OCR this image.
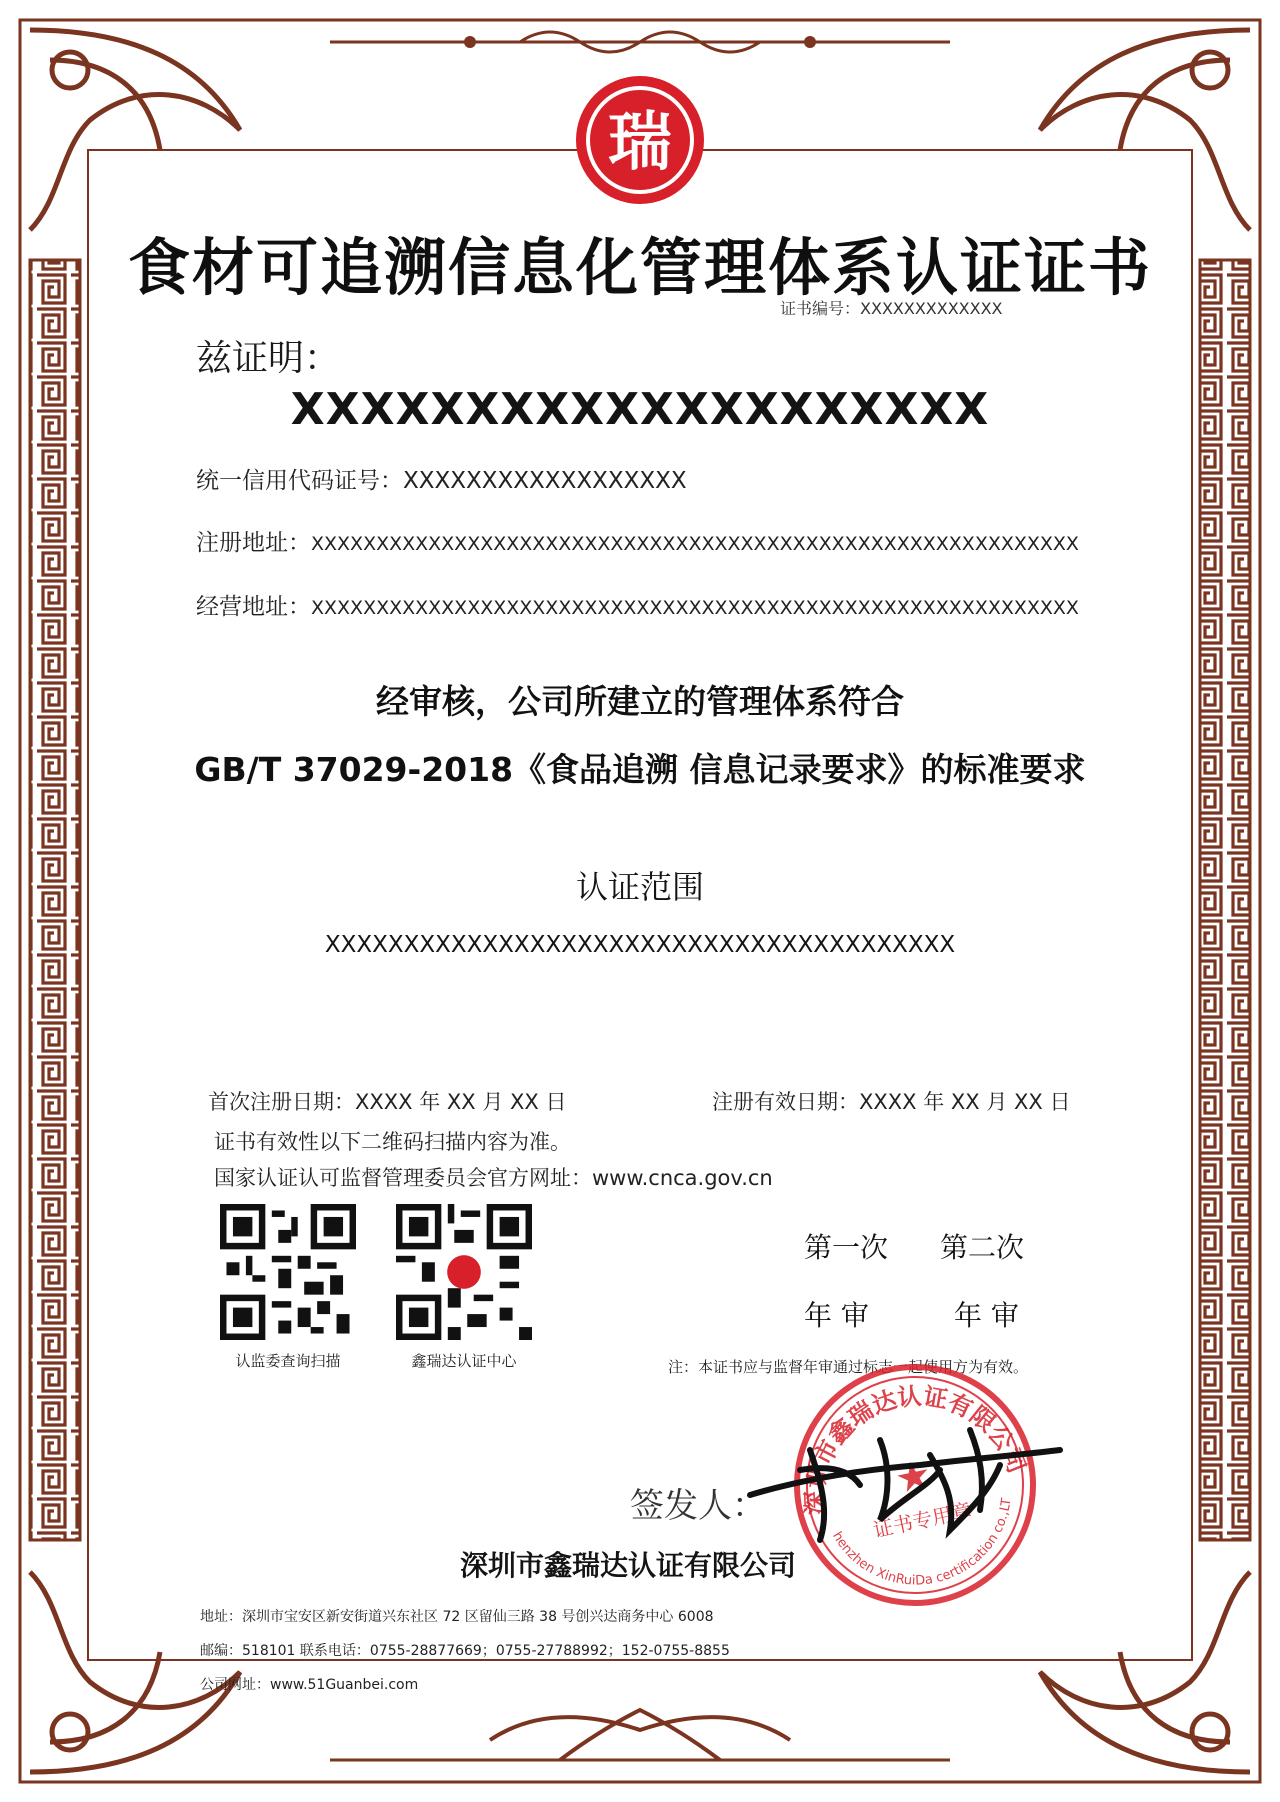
瑞
食材可追溯信息化管理体系认证证书
证书编号：XXXXXXXXXXXXX
兹证明：
XXXXXXXXXXXXXXXXXXXX
统一信用代码证号：XXXXXXXXXXXXXXXXXX
注册地址：XXXXXXXXXXXXXXXXXXXXXXXXXXXXXXXXXXXXXXXXXXXXXXXXXXXXXXXXXXX
经营地址：XXXXXXXXXXXXXXXXXXXXXXXXXXXXXXXXXXXXXXXXXXXXXXXXXXXXXXXXXXX
经审核，公司所建立的管理体系符合
GB/T 37029-2018《食品追溯 信息记录要求》的标准要求
认证范围
XXXXXXXXXXXXXXXXXXXXXXXXXXXXXXXXXXXXXXXX
首次注册日期：XXXX 年 XX 月 XX 日	注册有效日期：XXXX 年 XX 月 XX 日
证书有效性以下二维码扫描内容为准。
国家认证认可监督管理委员会官方网址：www.cnca.gov.cn
认监委查询扫描	鑫瑞达认证中心
第一次 第二次
年 审	年 审
注：本证书应与监督年审通过标志一起使用方为有效。
深圳市鑫瑞达认证有限公司
Shenzhen XinRuiDa certification co.,LTD
★
证书专用章
签发人：
深圳市鑫瑞达认证有限公司
地址：深圳市宝安区新安街道兴东社区 72 区留仙三路 38 号创兴达商务中心 6008
邮编：518101 联系电话：0755-28877669；0755-27788992；152-0755-8855
公司网址：www.51Guanbei.com
